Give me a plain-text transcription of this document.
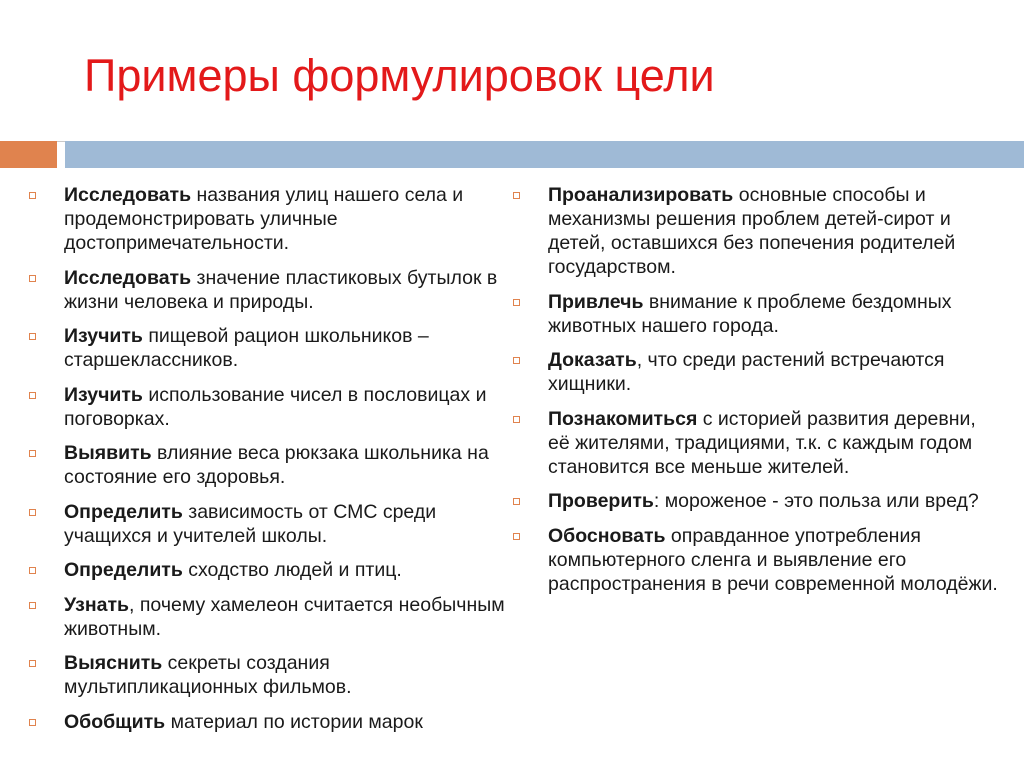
Примеры формулировок цели
Исследовать названия улиц нашего села и продемонстрировать уличные достопримечательности.
Исследовать значение пластиковых бутылок в жизни человека и природы.
Изучить пищевой рацион школьников – старшеклассников.
Изучить использование чисел в пословицах и поговорках.
Выявить влияние веса рюкзака школьника на состояние его здоровья.
Определить зависимость от СМС среди учащихся и учителей школы.
Определить сходство людей и птиц.
Узнать, почему хамелеон считается необычным животным.
Выяснить секреты создания мультипликационных фильмов.
Обобщить материал по истории марок
Проанализировать основные способы и механизмы решения проблем детей-сирот и детей, оставшихся без попечения родителей государством.
Привлечь внимание к проблеме бездомных животных нашего города.
Доказать, что среди растений встречаются хищники.
Познакомиться с историей развития деревни, её жителями, традициями, т.к. с каждым годом становится все меньше жителей.
Проверить: мороженое - это польза или вред?
Обосновать оправданное употребления компьютерного сленга и выявление его распространения в речи современной молодёжи.
